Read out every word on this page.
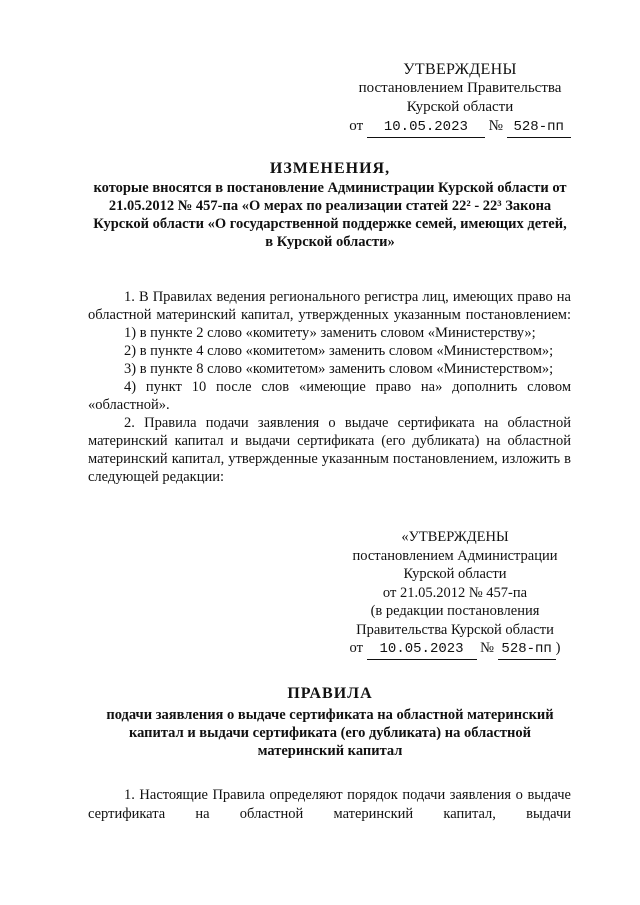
УТВЕРЖДЕНЫ
постановлением Правительства
Курской области
от 10.05.2023 № 528-пп
ИЗМЕНЕНИЯ,
которые вносятся в постановление Администрации Курской области от 21.05.2012 № 457-па «О мерах по реализации статей 22² - 22³ Закона Курской области «О государственной поддержке семей, имеющих детей, в Курской области»

1. В Правилах ведения регионального регистра лиц, имеющих право на областной материнский капитал, утвержденных указанным постановлением:

1) в пункте 2 слово «комитету» заменить словом «Министерству»;

2) в пункте 4 слово «комитетом» заменить словом «Министерством»;

3) в пункте 8 слово «комитетом» заменить словом «Министерством»;

4) пункт 10 после слов «имеющие право на» дополнить словом «областной».

2. Правила подачи заявления о выдаче сертификата на областной материнский капитал и выдачи сертификата (его дубликата) на областной материнский капитал, утвержденные указанным постановлением, изложить в следующей редакции:

«УТВЕРЖДЕНЫ
постановлением Администрации
Курской области
от 21.05.2012 № 457-па
(в редакции постановления
Правительства Курской области
от 10.05.2023 № 528-пп )
ПРАВИЛА
подачи заявления о выдаче сертификата на областной материнский капитал и выдачи сертификата (его дубликата) на областной материнский капитал

1. Настоящие Правила определяют порядок подачи заявления о выдаче сертификата на областной материнский капитал, выдачи
